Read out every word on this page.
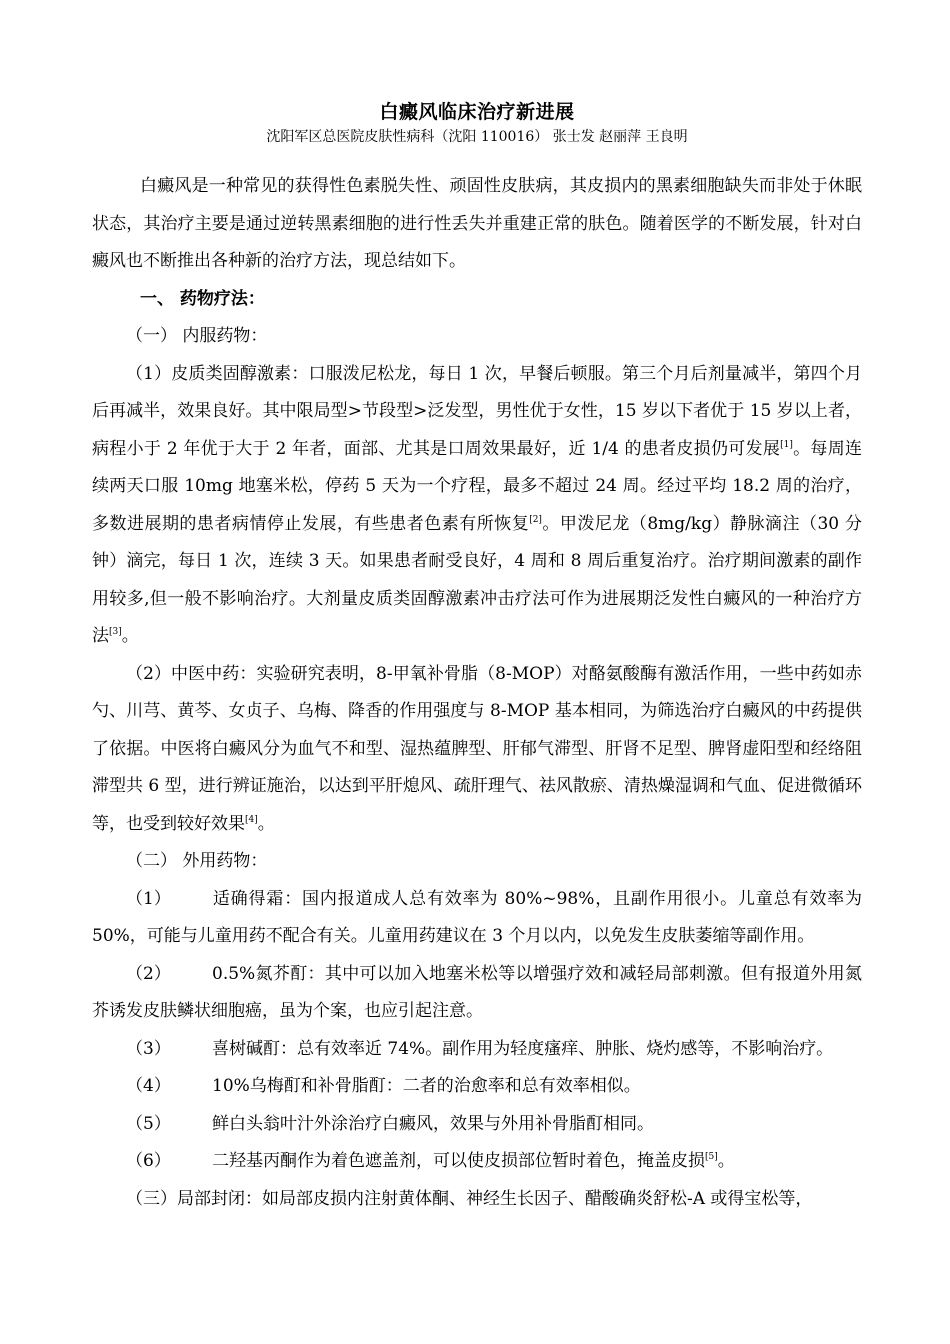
白癜风临床治疗新进展
沈阳军区总医院皮肤性病科（沈阳 110016） 张士发 赵丽萍 王良明

白癜风是一种常见的获得性色素脱失性、顽固性皮肤病，其皮损内的黑素细胞缺失而非处于休眠状态，其治疗主要是通过逆转黑素细胞的进行性丢失并重建正常的肤色。随着医学的不断发展，针对白癜风也不断推出各种新的治疗方法，现总结如下。

一、 药物疗法：

（一） 内服药物：

（1）皮质类固醇激素：口服泼尼松龙，每日 1 次，早餐后顿服。第三个月后剂量减半，第四个月后再减半，效果良好。其中限局型>节段型>泛发型，男性优于女性，15 岁以下者优于 15 岁以上者，病程小于 2 年优于大于 2 年者，面部、尤其是口周效果最好，近 1/4 的患者皮损仍可发展[1]。每周连续两天口服 10mg 地塞米松，停药 5 天为一个疗程，最多不超过 24 周。经过平均 18.2 周的治疗，多数进展期的患者病情停止发展，有些患者色素有所恢复[2]。甲泼尼龙（8mg/kg）静脉滴注（30 分钟）滴完，每日 1 次，连续 3 天。如果患者耐受良好，4 周和 8 周后重复治疗。治疗期间激素的副作用较多,但一般不影响治疗。大剂量皮质类固醇激素冲击疗法可作为进展期泛发性白癜风的一种治疗方法[3]。

（2）中医中药：实验研究表明，8-甲氧补骨脂（8-MOP）对酪氨酸酶有激活作用，一些中药如赤勺、川芎、黄芩、女贞子、乌梅、降香的作用强度与 8-MOP 基本相同，为筛选治疗白癜风的中药提供了依据。中医将白癜风分为血气不和型、湿热蕴脾型、肝郁气滞型、肝肾不足型、脾肾虚阳型和经络阻滞型共 6 型，进行辨证施治，以达到平肝熄风、疏肝理气、祛风散瘀、清热燥湿调和气血、促进微循环等，也受到较好效果[4]。

（二） 外用药物：

（1） 适确得霜：国内报道成人总有效率为 80%~98%，且副作用很小。儿童总有效率为 50%，可能与儿童用药不配合有关。儿童用药建议在 3 个月以内，以免发生皮肤萎缩等副作用。

（2） 0.5%氮芥酊：其中可以加入地塞米松等以增强疗效和减轻局部刺激。但有报道外用氮芥诱发皮肤鳞状细胞癌，虽为个案，也应引起注意。

（3） 喜树碱酊：总有效率近 74%。副作用为轻度瘙痒、肿胀、烧灼感等，不影响治疗。

（4） 10%乌梅酊和补骨脂酊：二者的治愈率和总有效率相似。

（5） 鲜白头翁叶汁外涂治疗白癜风，效果与外用补骨脂酊相同。

（6） 二羟基丙酮作为着色遮盖剂，可以使皮损部位暂时着色，掩盖皮损[5]。

（三）局部封闭：如局部皮损内注射黄体酮、神经生长因子、醋酸确炎舒松-A 或得宝松等，
